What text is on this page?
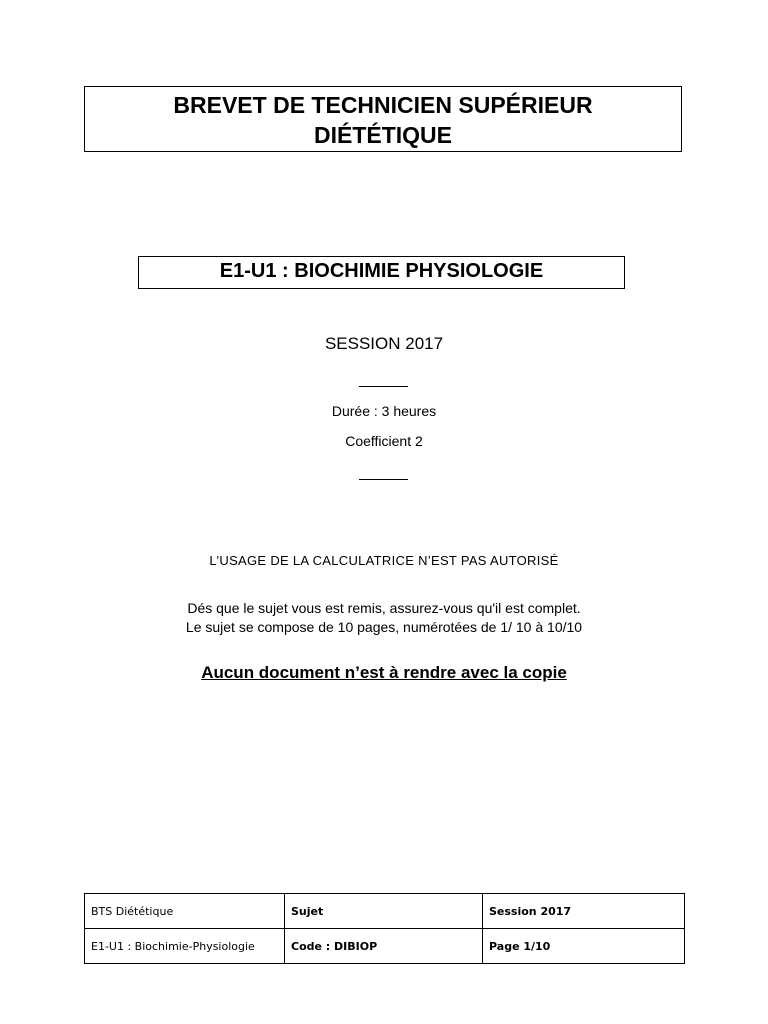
BREVET DE TECHNICIEN SUPÉRIEUR
DIÉTÉTIQUE
E1-U1 : BIOCHIMIE PHYSIOLOGIE
SESSION 2017
Durée : 3 heures
Coefficient 2
L’USAGE DE LA CALCULATRICE N’EST PAS AUTORISÉ
Dés que le sujet vous est remis, assurez-vous qu'il est complet.
Le sujet se compose de 10 pages, numérotées de 1/ 10 à 10/10
Aucun document n’est à rendre avec la copie
BTS Diététique	Sujet	Session 2017
E1-U1 : Biochimie-Physiologie	Code : DIBIOP	Page 1/10
